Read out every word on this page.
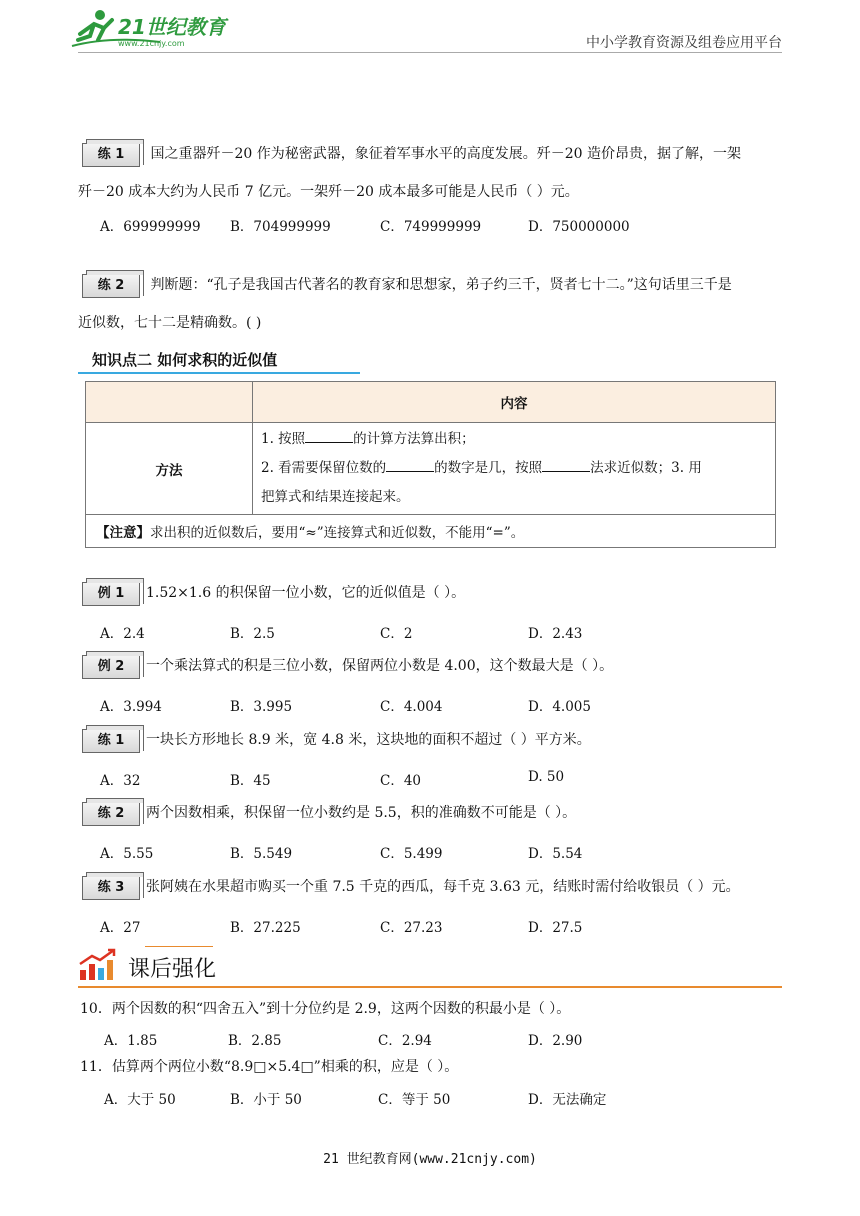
21世纪教育
www.21cnjy.com	中小学教育资源及组卷应用平台
练 1 国之重器歼－20 作为秘密武器，象征着军事水平的高度发展。歼－20 造价昂贵，据了解，一架
歼－20 成本大约为人民币 7 亿元。一架歼－20 成本最多可能是人民币（ ）元。
A．699999999 B．704999999	C．749999999	D．750000000
练 2 判断题：“孔子是我国古代著名的教育家和思想家，弟子约三千，贤者七十二。”这句话里三千是
近似数，七十二是精确数。( )
知识点二 如何求积的近似值
	内容
方法	1. 按照 的计算方法算出积；
2. 看需要保留位数的 的数字是几，按照 法求近似数；3. 用
把算式和结果连接起来。

【注意】求出积的近似数后，要用“≈”连接算式和近似数，不能用“=”。	
例 1 1.52×1.6 的积保留一位小数，它的近似值是（ ）。
A．2.4	B．2.5	C．2	D．2.43
例 2 一个乘法算式的积是三位小数，保留两位小数是 4.00，这个数最大是（ ）。
A．3.994	B．3.995	C．4.004	D．4.005
练 1 一块长方形地长 8.9 米，宽 4.8 米，这块地的面积不超过（ ）平方米。
A．32	B．45	C．40	D. 50
练 2 两个因数相乘，积保留一位小数约是 5.5，积的准确数不可能是（ ）。
A．5.55	B．5.549	C．5.499	D．5.54
练 3 张阿姨在水果超市购买一个重 7.5 千克的西瓜，每千克 3.63 元，结账时需付给收银员（ ）元。
A．27	B．27.225	C．27.23	D．27.5
课后强化
10．两个因数的积“四舍五入”到十分位约是 2.9，这两个因数的积最小是（ ）。
A．1.85	B．2.85	C．2.94	D．2.90
11．估算两个两位小数“8.9□×5.4□”相乘的积，应是（ ）。
A．大于 50	B．小于 50	C．等于 50	D．无法确定
21 世纪教育网(www.21cnjy.com)
